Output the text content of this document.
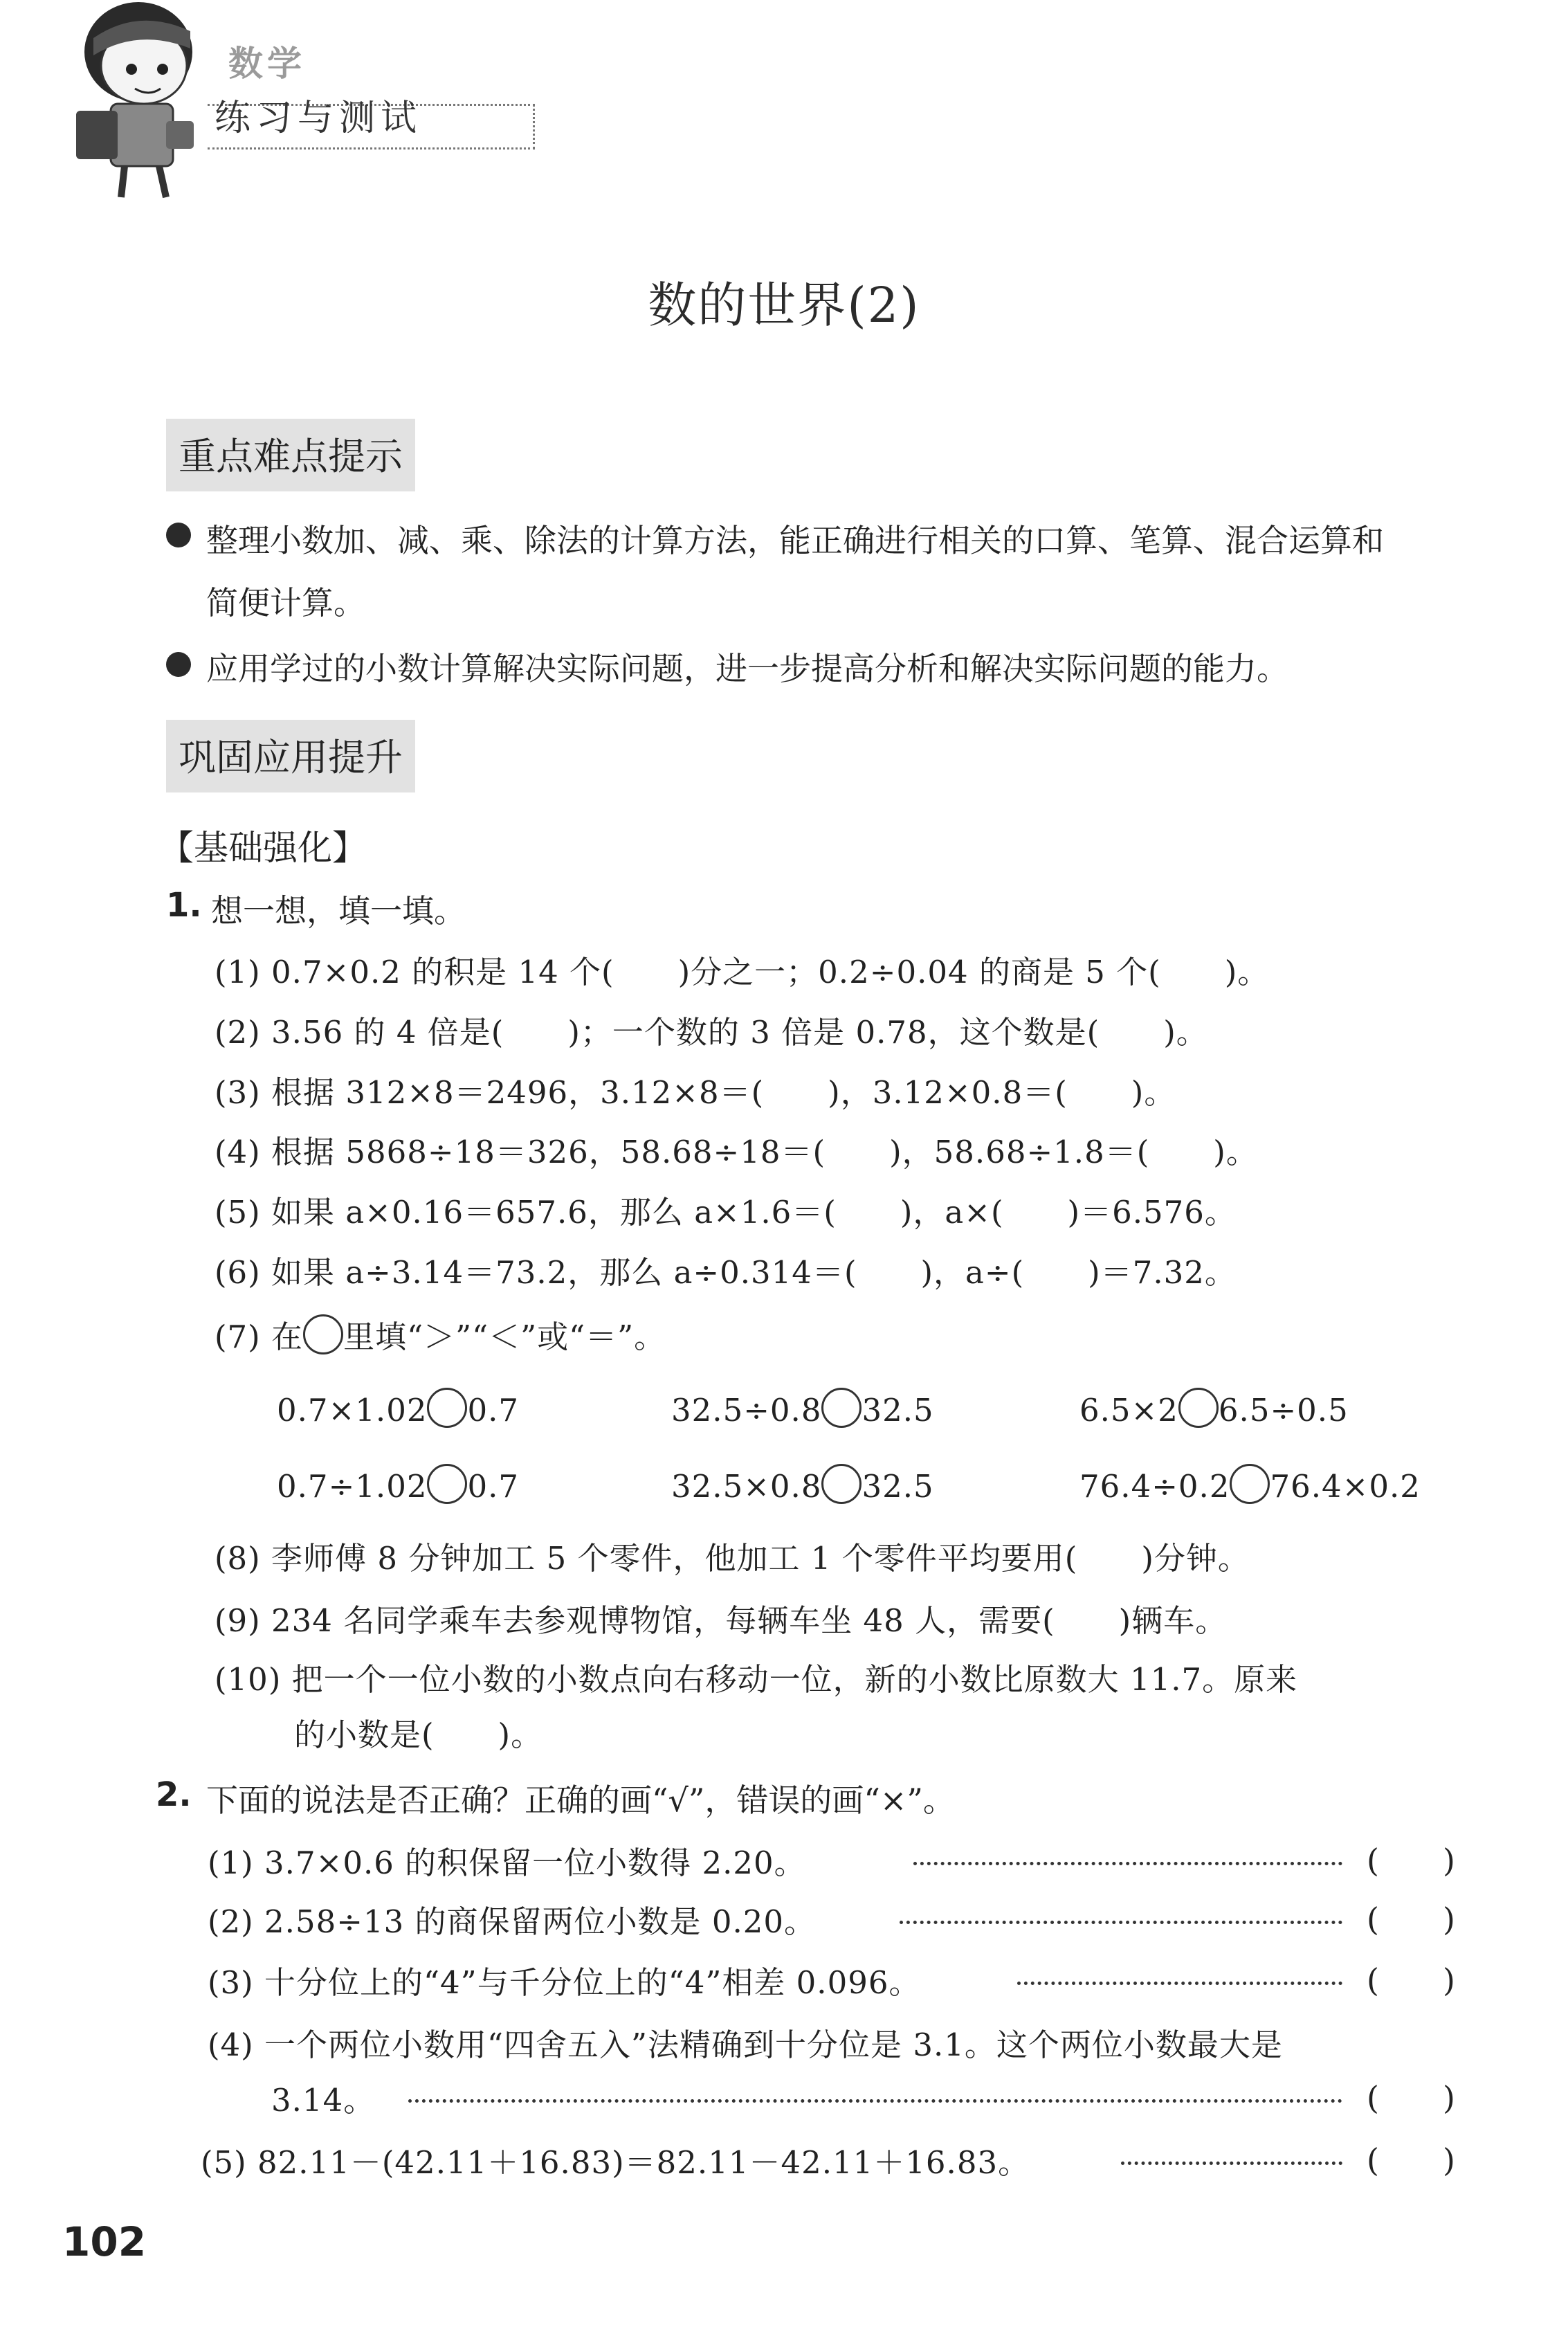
数学
练习与测试
数的世界(2)
重点难点提示
整理小数加、减、乘、除法的计算方法，能正确进行相关的口算、笔算、混合运算和
简便计算。
应用学过的小数计算解决实际问题，进一步提高分析和解决实际问题的能力。
巩固应用提升
【基础强化】
1. 想一想，填一填。
(1) 0.7×0.2 的积是 14 个(　　)分之一；0.2÷0.04 的商是 5 个(　　)。
(2) 3.56 的 4 倍是(　　)；一个数的 3 倍是 0.78，这个数是(　　)。
(3) 根据 312×8＝2496，3.12×8＝(　　)，3.12×0.8＝(　　)。
(4) 根据 5868÷18＝326，58.68÷18＝(　　)，58.68÷1.8＝(　　)。
(5) 如果 a×0.16＝657.6，那么 a×1.6＝(　　)，a×(　　)＝6.576。
(6) 如果 a÷3.14＝73.2，那么 a÷0.314＝(　　)，a÷(　　)＝7.32。
(7) 在 里填“＞”“＜”或“＝”。
0.7×1.02 0.7	32.5÷0.8 32.5	6.5×2 6.5÷0.5
0.7÷1.02 0.7	32.5×0.8 32.5	76.4÷0.2 76.4×0.2
(8) 李师傅 8 分钟加工 5 个零件，他加工 1 个零件平均要用(　　)分钟。
(9) 234 名同学乘车去参观博物馆，每辆车坐 48 人，需要(　　)辆车。
(10) 把一个一位小数的小数点向右移动一位，新的小数比原数大 11.7。原来
的小数是(　　)。
2. 下面的说法是否正确？正确的画“√”，错误的画“×”。
(1) 3.7×0.6 的积保留一位小数得 2.20。	(　　)
(2) 2.58÷13 的商保留两位小数是 0.20。	(　　)
(3) 十分位上的“4”与千分位上的“4”相差 0.096。	(　　)
(4) 一个两位小数用“四舍五入”法精确到十分位是 3.1。这个两位小数最大是
3.14。	(　　)
(5) 82.11－(42.11＋16.83)＝82.11－42.11＋16.83。	(　　)
102
